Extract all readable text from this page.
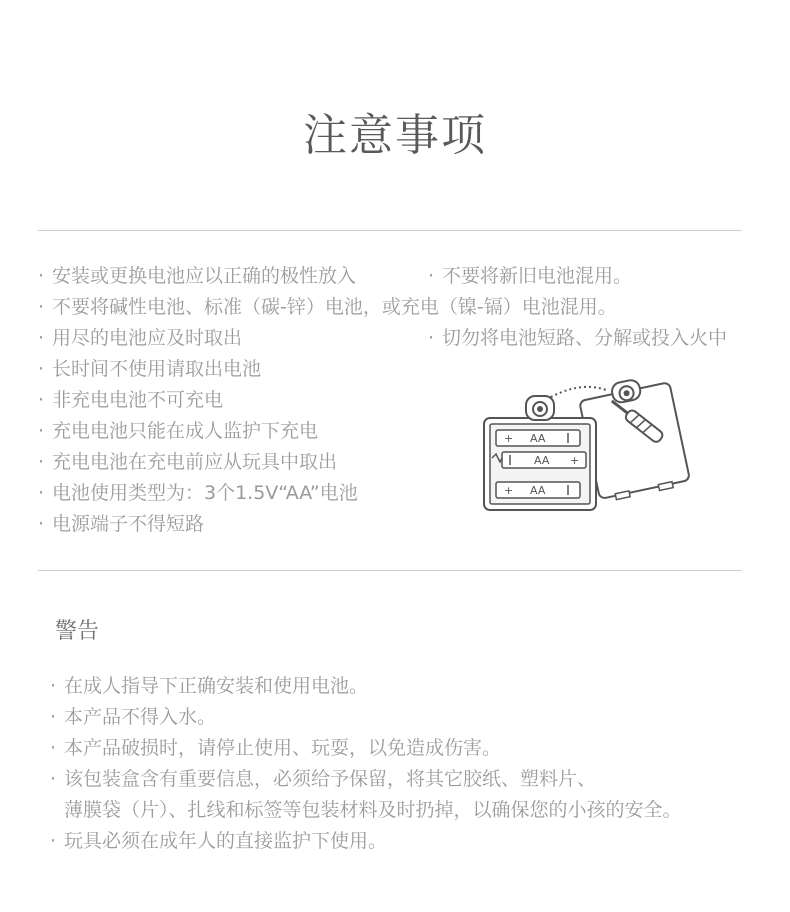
注意事项
· 安装或更换电池应以正确的极性放入
· 不要将碱性电池、标准（碳-锌）电池，或充电（镍-镉）电池混用。
· 用尽的电池应及时取出
· 长时间不使用请取出电池
· 非充电电池不可充电
· 充电电池只能在成人监护下充电
· 充电电池在充电前应从玩具中取出
· 电池使用类型为：3个1.5V“AA”电池
· 电源端子不得短路
· 不要将新旧电池混用。
· 切勿将电池短路、分解或投入火中
+ AA
AA +
+ AA
警告
· 在成人指导下正确安装和使用电池。
· 本产品不得入水。
· 本产品破损时，请停止使用、玩耍，以免造成伤害。
· 该包装盒含有重要信息，必须给予保留，将其它胶纸、塑料片、
薄膜袋（片）、扎线和标签等包装材料及时扔掉，以确保您的小孩的安全。
· 玩具必须在成年人的直接监护下使用。
